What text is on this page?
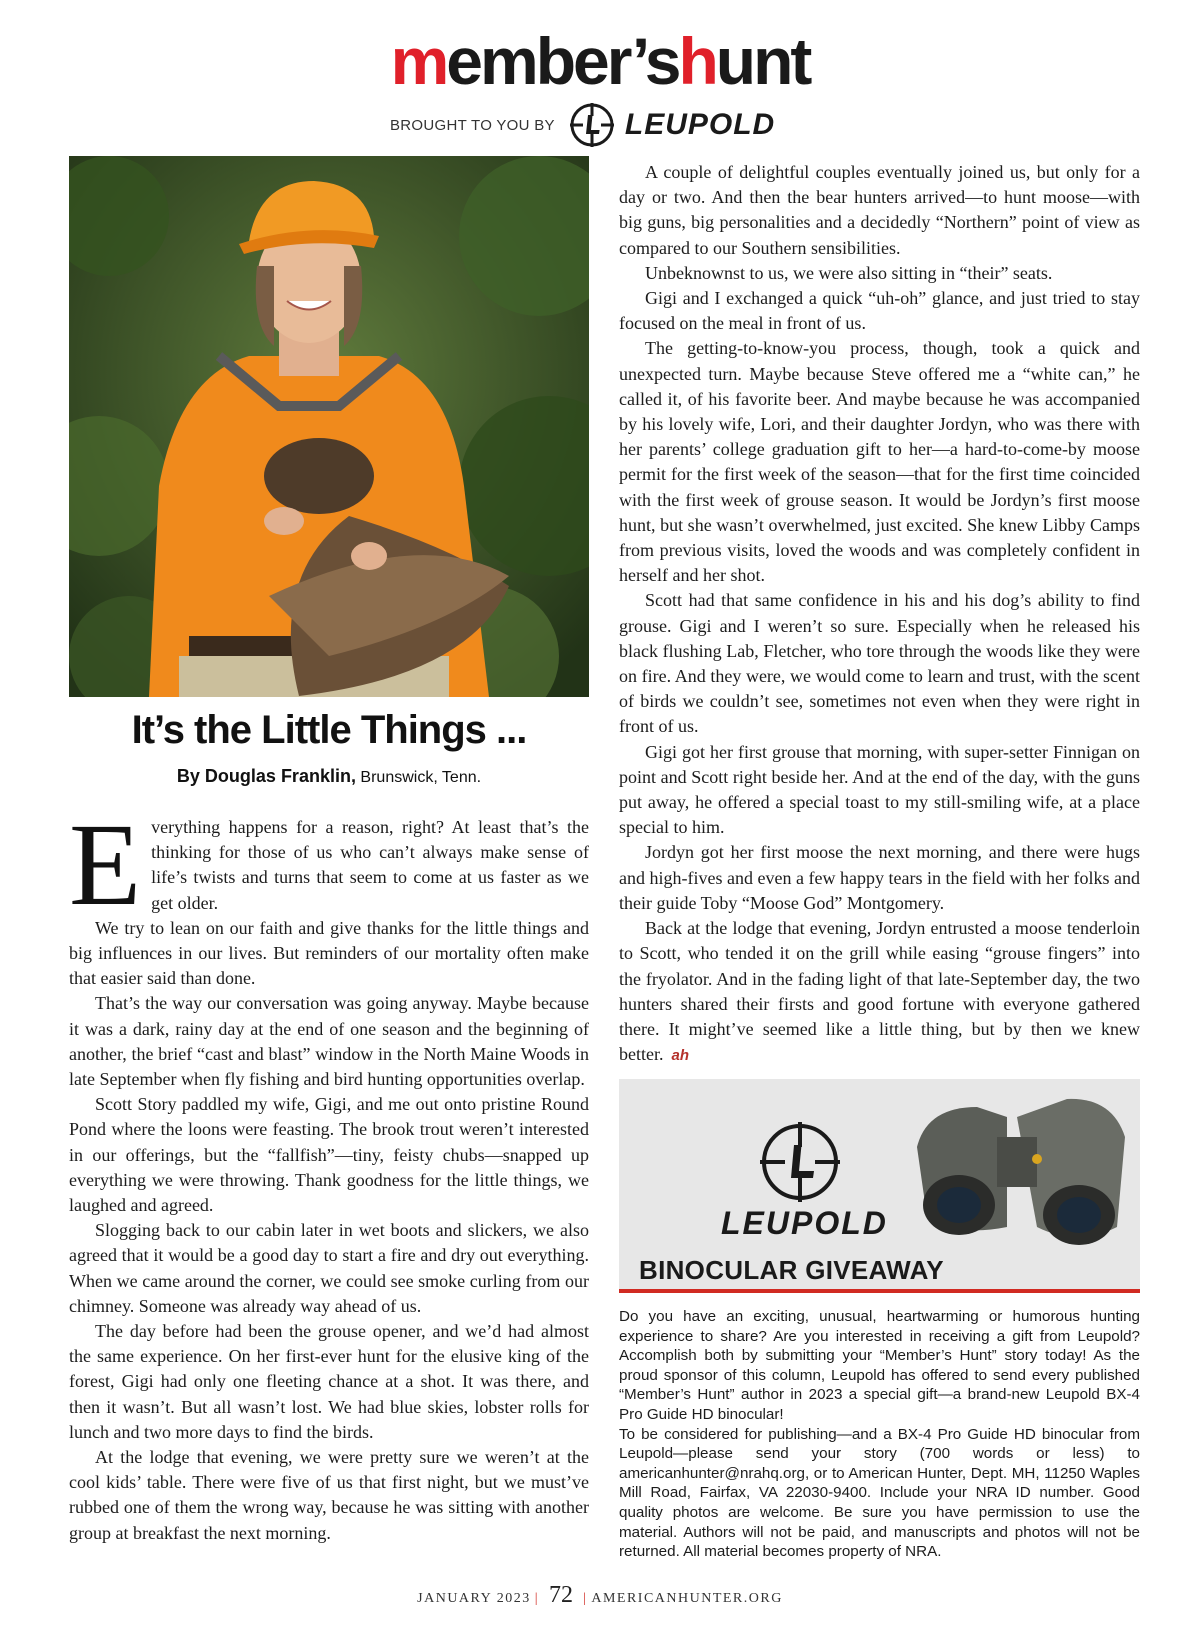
member’shunt
BROUGHT TO YOU BY LEUPOLD
It’s the Little Things ...
By Douglas Franklin, Brunswick, Tenn.

Everything happens for a reason, right? At least that’s the thinking for those of us who can’t always make sense of life’s twists and turns that seem to come at us faster as we get older.

We try to lean on our faith and give thanks for the little things and big influences in our lives. But reminders of our mortality often make that easier said than done.

That’s the way our conversation was going anyway. Maybe because it was a dark, rainy day at the end of one season and the beginning of another, the brief “cast and blast” window in the North Maine Woods in late September when fly fishing and bird hunting opportunities overlap.

Scott Story paddled my wife, Gigi, and me out onto pristine Round Pond where the loons were feasting. The brook trout weren’t interested in our offerings, but the “fallfish”—tiny, feisty chubs—snapped up everything we were throwing. Thank goodness for the little things, we laughed and agreed.

Slogging back to our cabin later in wet boots and slickers, we also agreed that it would be a good day to start a fire and dry out everything. When we came around the corner, we could see smoke curling from our chimney. Someone was already way ahead of us.

The day before had been the grouse opener, and we’d had almost the same experience. On her first-ever hunt for the elusive king of the forest, Gigi had only one fleeting chance at a shot. It was there, and then it wasn’t. But all wasn’t lost. We had blue skies, lobster rolls for lunch and two more days to find the birds.

At the lodge that evening, we were pretty sure we weren’t at the cool kids’ table. There were five of us that first night, but we must’ve rubbed one of them the wrong way, because he was sitting with another group at breakfast the next morning.

A couple of delightful couples eventually joined us, but only for a day or two. And then the bear hunters arrived—to hunt moose—with big guns, big personalities and a decidedly “Northern” point of view as compared to our Southern sensibilities.

Unbeknownst to us, we were also sitting in “their” seats.

Gigi and I exchanged a quick “uh-oh” glance, and just tried to stay focused on the meal in front of us.

The getting-to-know-you process, though, took a quick and unexpected turn. Maybe because Steve offered me a “white can,” he called it, of his favorite beer. And maybe because he was accompanied by his lovely wife, Lori, and their daughter Jordyn, who was there with her parents’ college graduation gift to her—a hard-to-come-by moose permit for the first week of the season—that for the first time coincided with the first week of grouse season. It would be Jordyn’s first moose hunt, but she wasn’t overwhelmed, just excited. She knew Libby Camps from previous visits, loved the woods and was completely confident in herself and her shot.

Scott had that same confidence in his and his dog’s ability to find grouse. Gigi and I weren’t so sure. Especially when he released his black flushing Lab, Fletcher, who tore through the woods like they were on fire. And they were, we would come to learn and trust, with the scent of birds we couldn’t see, sometimes not even when they were right in front of us.

Gigi got her first grouse that morning, with super-setter Finnigan on point and Scott right beside her. And at the end of the day, with the guns put away, he offered a special toast to my still-smiling wife, at a place special to him.

Jordyn got her first moose the next morning, and there were hugs and high-fives and even a few happy tears in the field with her folks and their guide Toby “Moose God” Montgomery.

Back at the lodge that evening, Jordyn entrusted a moose tenderloin to Scott, who tended it on the grill while easing “grouse fingers” into the fryolator. And in the fading light of that late-September day, the two hunters shared their firsts and good fortune with everyone gathered there. It might’ve seemed like a little thing, but by then we knew better. ah

LEUPOLD
BINOCULAR GIVEAWAY

Do you have an exciting, unusual, heartwarming or humorous hunting experience to share? Are you interested in receiving a gift from Leupold? Accomplish both by submitting your “Member’s Hunt” story today! As the proud sponsor of this column, Leupold has offered to send every published “Member’s Hunt” author in 2023 a special gift—a brand-new Leupold BX-4 Pro Guide HD binocular!

To be considered for publishing—and a BX-4 Pro Guide HD binocular from Leupold—please send your story (700 words or less) to americanhunter@nrahq.org, or to American Hunter, Dept. MH, 11250 Waples Mill Road, Fairfax, VA 22030-9400. Include your NRA ID number. Good quality photos are welcome. Be sure you have permission to use the material. Authors will not be paid, and manuscripts and photos will not be returned. All material becomes property of NRA.

JANUARY 2023 | 72 | AMERICANHUNTER.ORG
